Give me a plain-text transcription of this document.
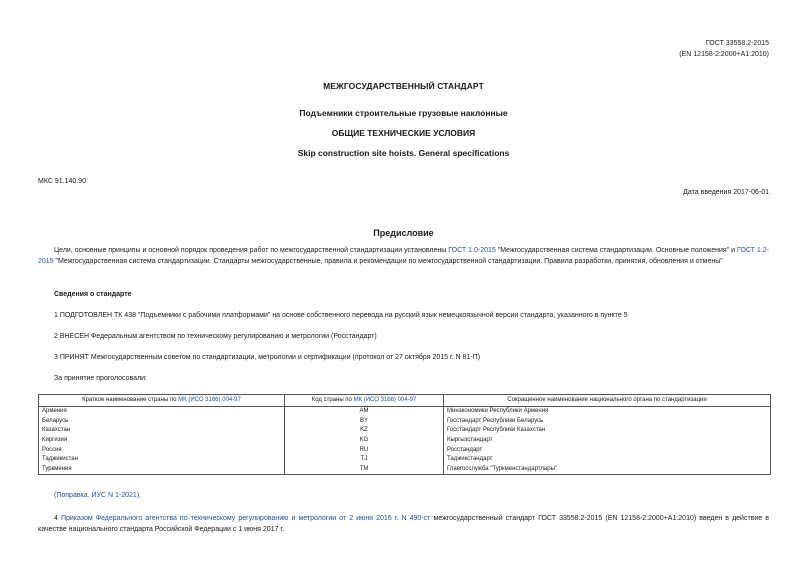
ГОСТ 33558.2-2015
(EN 12158-2:2000+A1:2010)
МЕЖГОСУДАРСТВЕННЫЙ СТАНДАРТ
Подъемники строительные грузовые наклонные
ОБЩИЕ ТЕХНИЧЕСКИЕ УСЛОВИЯ
Skip construction site hoists. General specifications
МКС 91.140.90
Дата введения 2017-06-01
Предисловие
Цели, основные принципы и основной порядок проведения работ по межгосударственной стандартизации установлены ГОСТ 1.0-2015 "Межгосударственная система стандартизации. Основные положения" и ГОСТ 1.2-2015 "Межгосударственная система стандартизации. Стандарты межгосударственные, правила и рекомендации по межгосударственной стандартизации. Правила разработки, принятия, обновления и отмены"
Сведения о стандарте
1 ПОДГОТОВЛЕН ТК 438 "Подъемники с рабочими платформами" на основе собственного перевода на русский язык немецкоязычной версии стандарта, указанного в пункте 5
2 ВНЕСЕН Федеральным агентством по техническому регулированию и метрологии (Росстандарт)
3 ПРИНЯТ Межгосударственным советом по стандартизации, метрологии и сертификации (протокол от 27 октября 2015 г. N 81-П)
За принятие проголосовали:
Краткое наименование страны по МК (ИСО 3166) 004-97	Код страны по МК (ИСО 3166) 004-97	Сокращенное наименование национального органа по стандартизации
Армения	AM	Минэкономики Республики Армения
Беларусь	BY	Госстандарт Республики Беларусь
Казахстан	KZ	Госстандарт Республики Казахстан
Киргизия	KG	Кыргызстандарт
Россия	RU	Росстандарт
Таджикистан	TJ	Таджикстандарт
Туркмения	TM	Главгосслужба "Туркменстандартлары"
(Поправка. ИУС N 1-2021).
4 Приказом Федерального агентства по техническому регулированию и метрологии от 2 июня 2016 г. N 490-ст межгосударственный стандарт ГОСТ 33558.2-2015 (EN 12158-2:2000+A1:2010) введен в действие в качестве национального стандарта Российской Федерации с 1 июня 2017 г.
